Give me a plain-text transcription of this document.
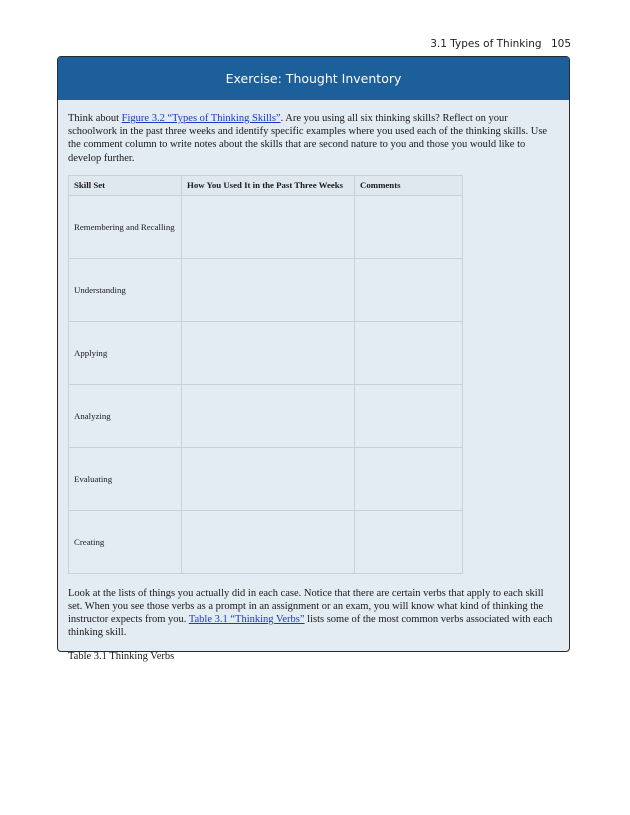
3.1 Types of Thinking 105
Exercise: Thought Inventory

Think about Figure 3.2 “Types of Thinking Skills”. Are you using all six thinking skills? Reflect on your schoolwork in the past three weeks and identify specific examples where you used each of the thinking skills. Use the comment column to write notes about the skills that are second nature to you and those you would like to develop further.

Skill Set	How You Used It in the Past Three Weeks	Comments
Remembering and Recalling		
Understanding		
Applying		
Analyzing		
Evaluating		
Creating		

Look at the lists of things you actually did in each case. Notice that there are certain verbs that apply to each skill set. When you see those verbs as a prompt in an assignment or an exam, you will know what kind of thinking the instructor expects from you. Table 3.1 “Thinking Verbs” lists some of the most common verbs associated with each thinking skill.

Table 3.1 Thinking Verbs
